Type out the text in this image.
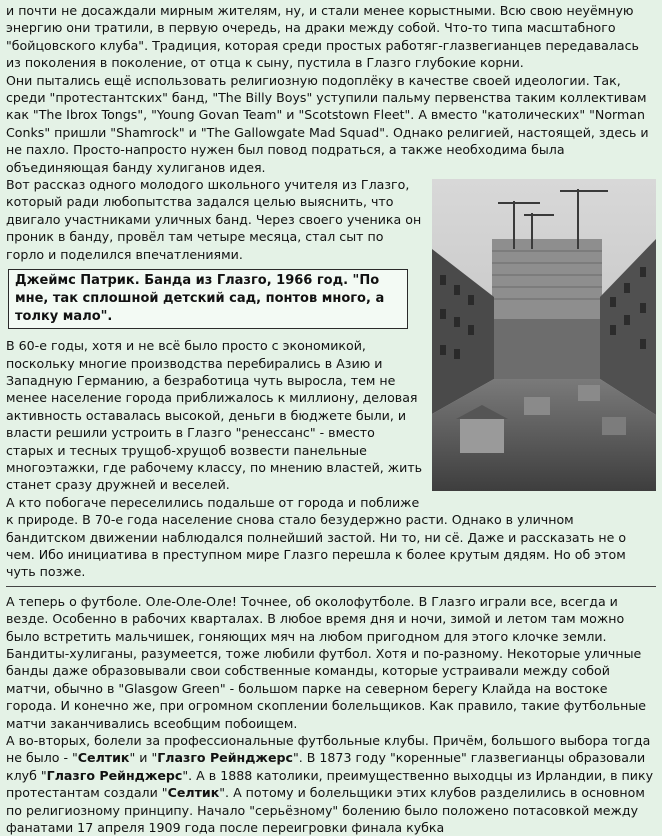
и почти не досаждали мирным жителям, ну, и стали менее корыстными. Всю свою неуёмную энергию они тратили, в первую очередь, на драки между собой. Что-то типа масштабного "бойцовского клуба". Традиция, которая среди простых работяг-глазвегианцев передавалась из поколения в поколение, от отца к сыну, пустила в Глазго глубокие корни.

Они пытались ещё использовать религиозную подоплёку в качестве своей идеологии. Так, среди "протестантских" банд, "The Billy Boys" уступили пальму первенства таким коллективам как "The Ibrox Tongs", "Young Govan Team" и "Scotstown Fleet". А вместо "католических" "Norman Conks" пришли "Shamrock" и "The Gallowgate Mad Squad". Однако религией, настоящей, здесь и не пахло. Просто-напросто нужен был повод подраться, а также необходима была объединяющая банду хулиганов идея.

Вот рассказ одного молодого школьного учителя из Глазго, который ради любопытства задался целью выяснить, что двигало участниками уличных банд. Через своего ученика он проник в банду, провёл там четыре месяца, стал сыт по горло и поделился впечатлениями.

Джеймс Патрик. Банда из Глазго, 1966 год. "По мне, так сплошной детский сад, понтов много, а толку мало".

В 60-е годы, хотя и не всё было просто с экономикой, поскольку многие производства перебирались в Азию и Западную Германию, а безработица чуть выросла, тем не менее население города приближалось к миллиону, деловая активность оставалась высокой, деньги в бюджете были, и власти решили устроить в Глазго "ренессанс" - вместо старых и тесных трущоб-хрущоб возвести панельные многоэтажки, где рабочему классу, по мнению властей, жить станет сразу дружней и веселей.

А кто побогаче переселились подальше от города и поближе к природе. В 70-е года население снова стало безудержно расти. Однако в уличном бандитском движении наблюдался полнейший застой. Ни то, ни сё. Даже и рассказать не о чем. Ибо инициатива в преступном мире Глазго перешла к более крутым дядям. Но об этом чуть позже.

А теперь о футболе. Оле-Оле-Оле! Точнее, об околофутболе. В Глазго играли все, всегда и везде. Особенно в рабочих кварталах. В любое время дня и ночи, зимой и летом там можно было встретить мальчишек, гоняющих мяч на любом пригодном для этого клочке земли. Бандиты-хулиганы, разумеется, тоже любили футбол. Хотя и по-разному. Некоторые уличные банды даже образовывали свои собственные команды, которые устраивали между собой матчи, обычно в "Glasgow Green" - большом парке на северном берегу Клайда на востоке города. И конечно же, при огромном скоплении болельщиков. Как правило, такие футбольные матчи заканчивались всеобщим побоищем.

А во-вторых, болели за профессиональные футбольные клубы. Причём, большого выбора тогда не было - "Селтик" и "Глазго Рейнджерс". В 1873 году "коренные" глазвегианцы образовали клуб "Глазго Рейнджерс". А в 1888 католики, преимущественно выходцы из Ирландии, в пику протестантам создали "Селтик". А потому и болельщики этих клубов разделились в основном по религиозному принципу. Начало "серьёзному" болению было положено потасовкой между фанатами 17 апреля 1909 года после переигровки финала кубка
